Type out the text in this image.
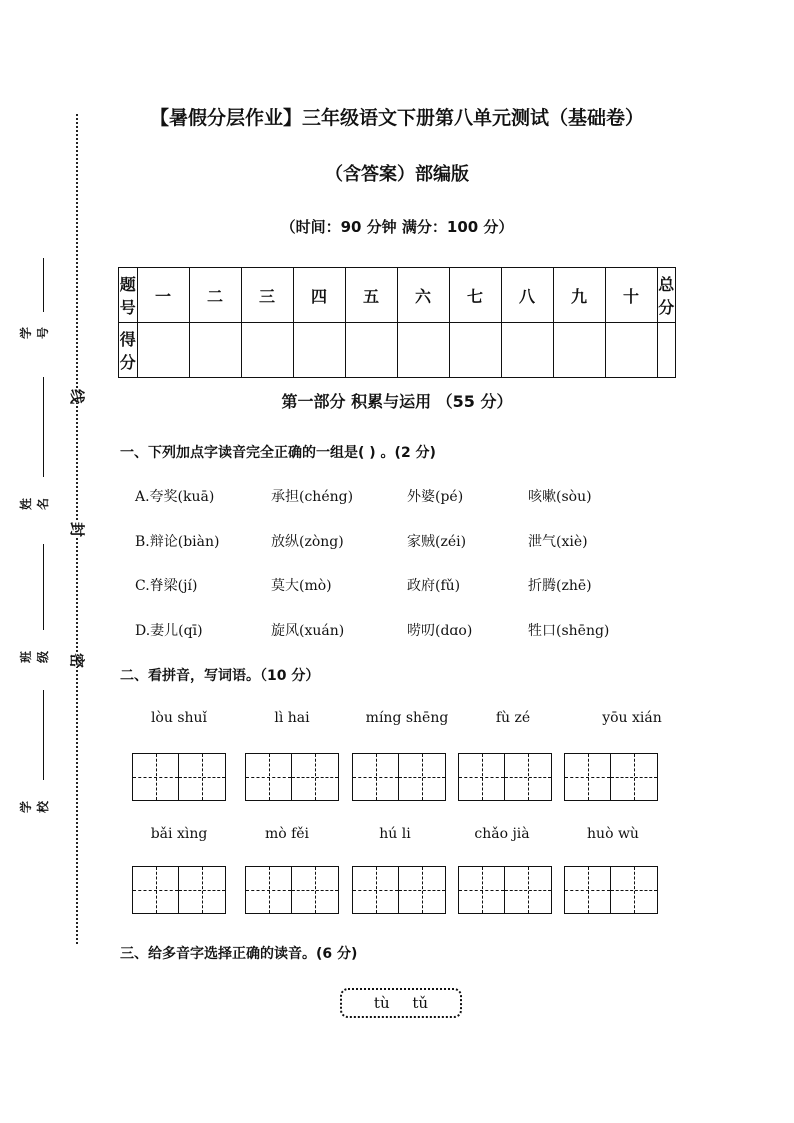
线
封
密
学号
姓名
班级
学校
【暑假分层作业】三年级语文下册第八单元测试（基础卷）
（含答案）部编版
（时间：90 分钟 满分：100 分）
题号	一	二	三	四	五	六	七	八	九	十	总分
得分											
第一部分 积累与运用 （55 分）
一、下列加点字读音完全正确的一组是( ) 。(2 分)
A.夸奖(kuā)	承担(chéng)	外婆(pé)	咳嗽(sòu)
B.辩论(biàn)	放纵(zòng)	家贼(zéi)	泄气(xiè)
C.脊梁(jí)	莫大(mò)	政府(fǔ)	折腾(zhē)
D.妻儿(qī)	旋风(xuán)	唠叨(dɑo)	牲口(shēng)
二、看拼音，写词语。（10 分）
lòu shuǐ	lì hai	míng shēng	fù zé	yōu xián
bǎi xìng	mò fěi	hú li	chǎo jià	huò wù
三、给多音字选择正确的读音。(6 分)
tù tǔ
